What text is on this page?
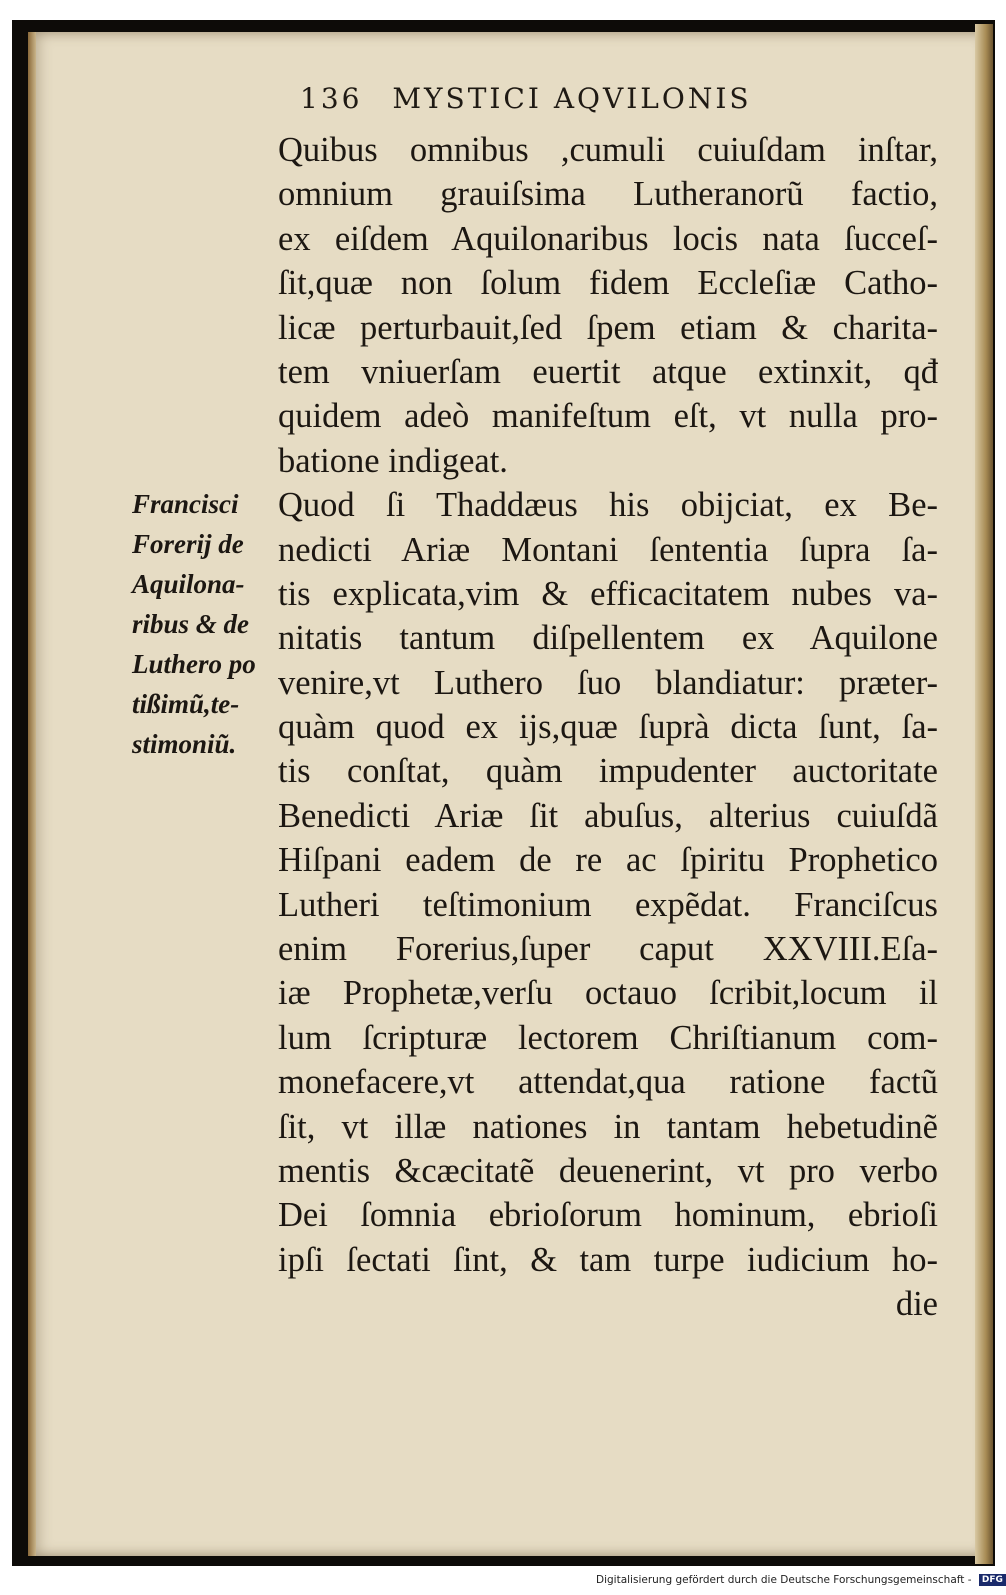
136 MYSTICI AQVILONIS
Francisci
Forerij de
Aquilona-
ribus & de
Luthero po
tißimũ,te-
stimoniũ.
Quibus omnibus ,cumuli cuiuſdam inſtar,
omnium grauiſsima Lutheranorũ factio,
ex eiſdem Aquilonaribus locis nata ſucceſ-
ſit,quæ non ſolum fidem Eccleſiæ Catho-
licæ perturbauit,ſed ſpem etiam & charita-
tem vniuerſam euertit atque extinxit, qđ
quidem adeò manifeſtum eſt, vt nulla pro-
batione indigeat.
Quod ſi Thaddæus his obijciat, ex Be-
nedicti Ariæ Montani ſententia ſupra ſa-
tis explicata,vim & efficacitatem nubes va-
nitatis tantum diſpellentem ex Aquilone
venire,vt Luthero ſuo blandiatur: præter-
quàm quod ex ijs,quæ ſuprà dicta ſunt, ſa-
tis conſtat, quàm impudenter auctoritate
Benedicti Ariæ ſit abuſus, alterius cuiuſdã
Hiſpani eadem de re ac ſpiritu Prophetico
Lutheri teſtimonium expẽdat. Franciſcus
enim Forerius,ſuper caput XXVIII.Eſa-
iæ Prophetæ,verſu octauo ſcribit,locum il
lum ſcripturæ lectorem Chriſtianum com-
monefacere,vt attendat,qua ratione factũ
ſit, vt illæ nationes in tantam hebetudinẽ
mentis &cæcitatẽ deuenerint, vt pro verbo
Dei ſomnia ebrioſorum hominum, ebrioſi
ipſi ſectati ſint, & tam turpe iudicium ho-
die
Digitalisierung gefördert durch die Deutsche Forschungsgemeinschaft - DFG
